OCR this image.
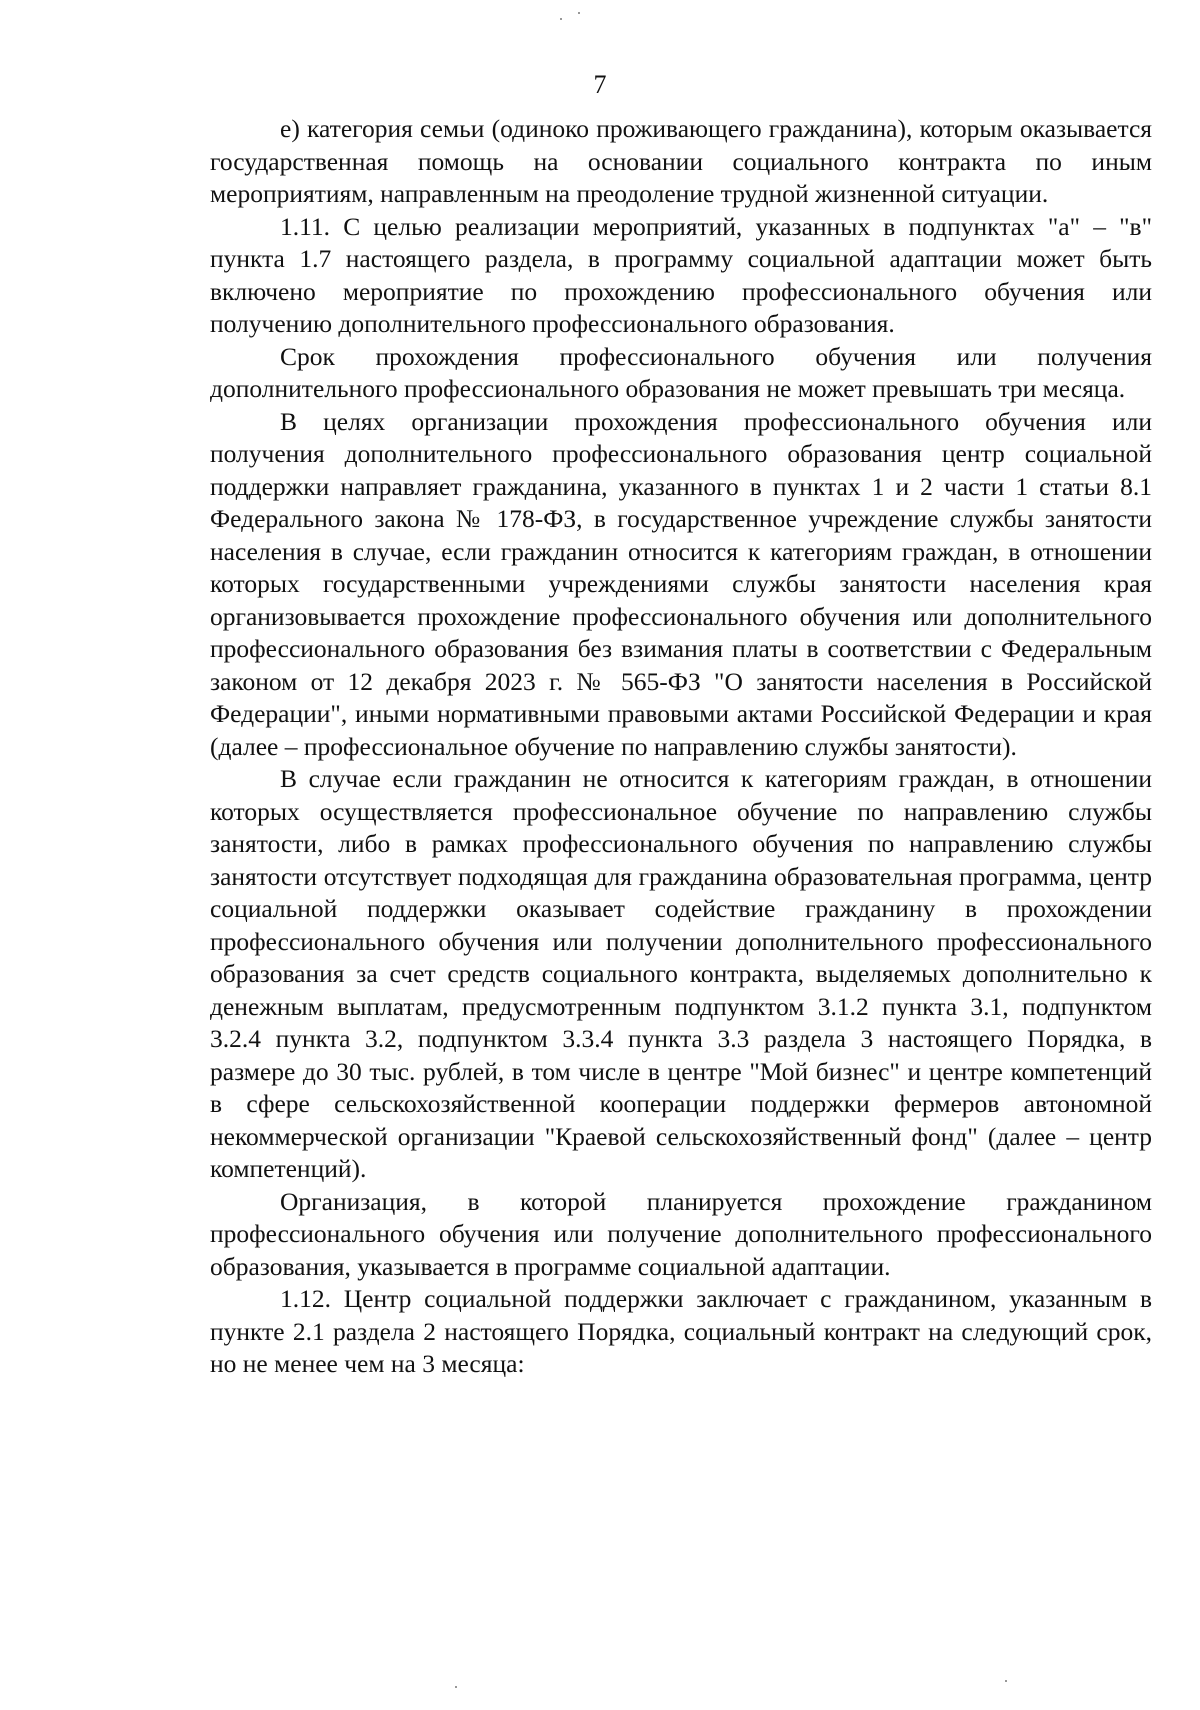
7

е) категория семьи (одиноко проживающего гражданина), которым оказывается государственная помощь на основании социального контракта по иным мероприятиям, направленным на преодоление трудной жизненной ситуации.

1.11. С целью реализации мероприятий, указанных в подпунктах "а" – "в" пункта 1.7 настоящего раздела, в программу социальной адаптации может быть включено мероприятие по прохождению профессионального обучения или получению дополнительного профессионального образования.

Срок прохождения профессионального обучения или получения дополнительного профессионального образования не может превышать три месяца.

В целях организации прохождения профессионального обучения или получения дополнительного профессионального образования центр социальной поддержки направляет гражданина, указанного в пунктах 1 и 2 части 1 статьи 8.1 Федерального закона № 178-ФЗ, в государственное учреждение службы занятости населения в случае, если гражданин относится к категориям граждан, в отношении которых государственными учреждениями службы занятости населения края организовывается прохождение профессионального обучения или дополнительного профессионального образования без взимания платы в соответствии с Федеральным законом от 12 декабря 2023 г. № 565-ФЗ "О занятости населения в Российской Федерации", иными нормативными правовыми актами Российской Федерации и края (далее – профессиональное обучение по направлению службы занятости).

В случае если гражданин не относится к категориям граждан, в отношении которых осуществляется профессиональное обучение по направлению службы занятости, либо в рамках профессионального обучения по направлению службы занятости отсутствует подходящая для гражданина образовательная программа, центр социальной поддержки оказывает содействие гражданину в прохождении профессионального обучения или получении дополнительного профессионального образования за счет средств социального контракта, выделяемых дополнительно к денежным выплатам, предусмотренным подпунктом 3.1.2 пункта 3.1, подпунктом 3.2.4 пункта 3.2, подпунктом 3.3.4 пункта 3.3 раздела 3 настоящего Порядка, в размере до 30 тыс. рублей, в том числе в центре "Мой бизнес" и центре компетенций в сфере сельскохозяйственной кооперации поддержки фермеров автономной некоммерческой организации "Краевой сельскохозяйственный фонд" (далее – центр компетенций).

Организация, в которой планируется прохождение гражданином профессионального обучения или получение дополнительного профессионального образования, указывается в программе социальной адаптации.

1.12. Центр социальной поддержки заключает с гражданином, указанным в пункте 2.1 раздела 2 настоящего Порядка, социальный контракт на следующий срок, но не менее чем на 3 месяца:
